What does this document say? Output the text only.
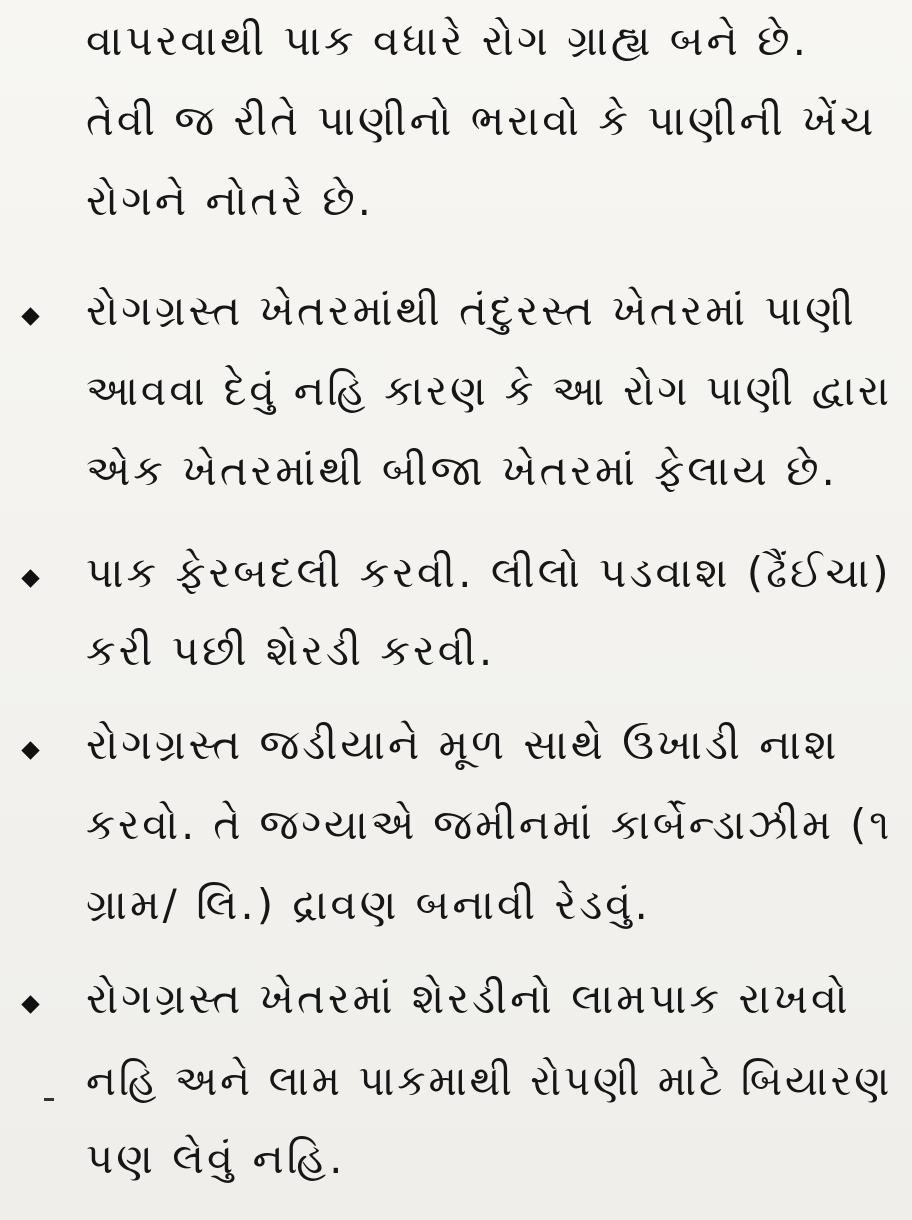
વાપરવાથી પાક વધારે રોગ ગ્રાહ્ય બને છે.
તેવી જ રીતે પાણીનો ભરાવો કે પાણીની ખેંચ
રોગને નોતરે છે.
રોગગ્રસ્ત ખેતરમાંથી તંદુરસ્ત ખેતરમાં પાણી
આવવા દેવું નહિ કારણ કે આ રોગ પાણી દ્વારા
એક ખેતરમાંથી બીજા ખેતરમાં ફેલાય છે.
પાક ફેરબદલી કરવી. લીલો પડવાશ (ઢૈંઈચા)
કરી પછી શેરડી કરવી.
રોગગ્રસ્ત જડીયાને મૂળ સાથે ઉખાડી નાશ
કરવો. તે જગ્યાએ જમીનમાં કાર્બેન્ડાઝીમ (૧
ગ્રામ/ લિ.) દ્રાવણ બનાવી રેડવું.
રોગગ્રસ્ત ખેતરમાં શેરડીનો લામપાક રાખવો
નહિ અને લામ પાકમાથી રોપણી માટે બિયારણ
પણ લેવું નહિ.
